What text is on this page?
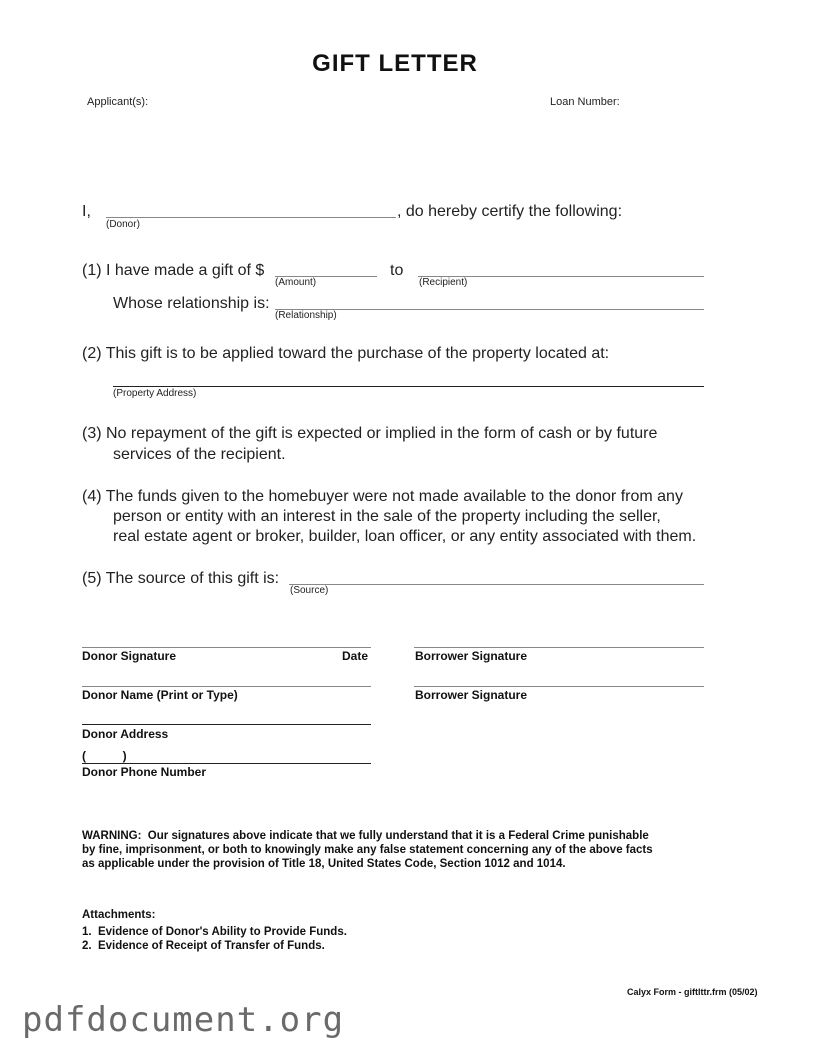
GIFT LETTER
Applicant(s):	Loan Number:
I,
(Donor)
, do hereby certify the following:
(1) I have made a gift of $
(Amount)
to
(Recipient)
Whose relationship is:
(Relationship)
(2) This gift is to be applied toward the purchase of the property located at:
(Property Address)
(3) No repayment of the gift is expected or implied in the form of cash or by future
services of the recipient.
(4) The funds given to the homebuyer were not made available to the donor from any
person or entity with an interest in the sale of the property including the seller,
real estate agent or broker, builder, loan officer, or any entity associated with them.
(5) The source of this gift is:
(Source)
Donor Signature	Date	Borrower Signature
Donor Name (Print or Type)	Borrower Signature
Donor Address
(           )
Donor Phone Number
WARNING:  Our signatures above indicate that we fully understand that it is a Federal Crime punishable
by fine, imprisonment, or both to knowingly make any false statement concerning any of the above facts
as applicable under the provision of Title 18, United States Code, Section 1012 and 1014.
Attachments:
1.  Evidence of Donor's Ability to Provide Funds.
2.  Evidence of Receipt of Transfer of Funds.
Calyx Form - giftlttr.frm (05/02)
pdfdocument.org
